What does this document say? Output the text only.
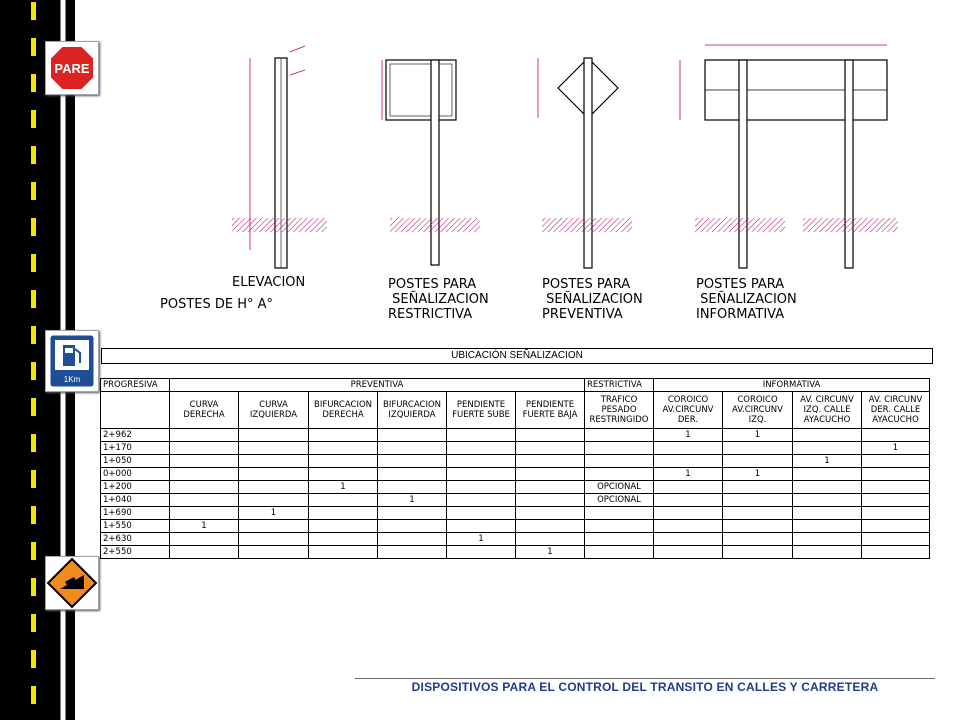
PARE
1Km
ELEVACION
POSTES DE H° A°
POSTES PARA
SEÑALIZACION
RESTRICTIVA
POSTES PARA
SEÑALIZACION
PREVENTIVA
POSTES PARA
SEÑALIZACION
INFORMATIVA
UBICACIÓN SEÑALIZACION
PROGRESIVA	PREVENTIVA						RESTRICTIVA	INFORMATIVA			
	CURVA DERECHA	CURVA IZQUIERDA	BIFURCACION DERECHA	BIFURCACION IZQUIERDA	PENDIENTE FUERTE SUBE	PENDIENTE FUERTE BAJA	TRAFICO PESADO RESTRINGIDO	COROICO AV.CIRCUNV DER.	COROICO AV.CIRCUNV IZQ.	AV. CIRCUNV IZQ. CALLE AYACUCHO	AV. CIRCUNV DER. CALLE AYACUCHO
2+962								1	1		
1+170											1
1+050										1	
0+000								1	1		
1+200			1				OPCIONAL				
1+040				1			OPCIONAL				
1+690		1									
1+550	1										
2+630					1						
2+550						1					
DISPOSITIVOS PARA EL CONTROL DEL TRANSITO EN CALLES Y CARRETERA
